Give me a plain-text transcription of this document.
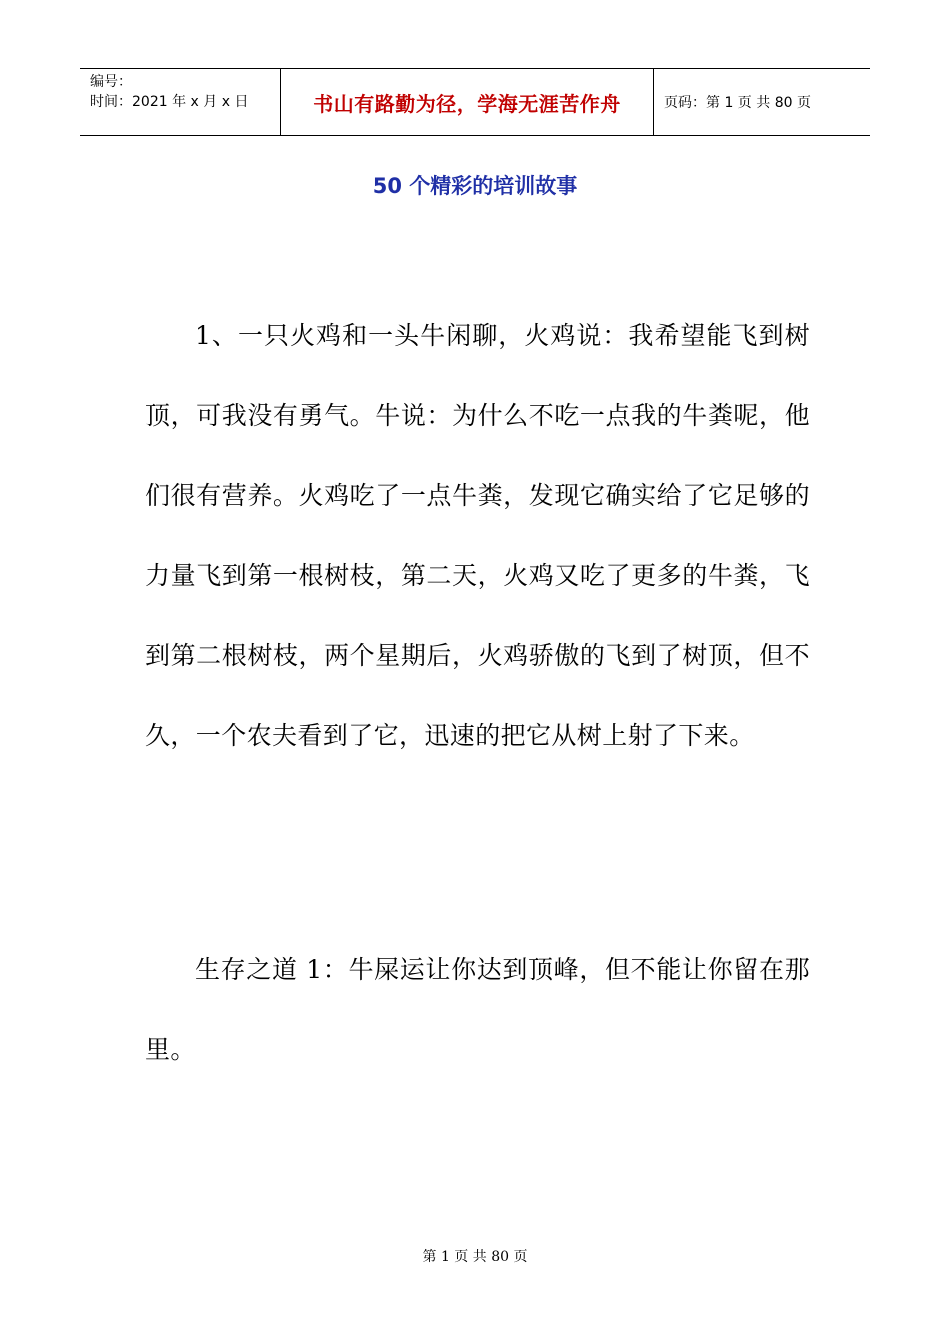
编号：
时间：2021 年 x 月 x 日	书山有路勤为径，学海无涯苦作舟	页码：第 1 页 共 80 页
50 个精彩的培训故事

1、一只火鸡和一头牛闲聊，火鸡说：我希望能飞到树顶，可我没有勇气。牛说：为什么不吃一点我的牛粪呢，他们很有营养。火鸡吃了一点牛粪，发现它确实给了它足够的力量飞到第一根树枝，第二天，火鸡又吃了更多的牛粪，飞到第二根树枝，两个星期后，火鸡骄傲的飞到了树顶，但不久，一个农夫看到了它，迅速的把它从树上射了下来。

生存之道 1：牛屎运让你达到顶峰，但不能让你留在那里。

第 1 页 共 80 页
